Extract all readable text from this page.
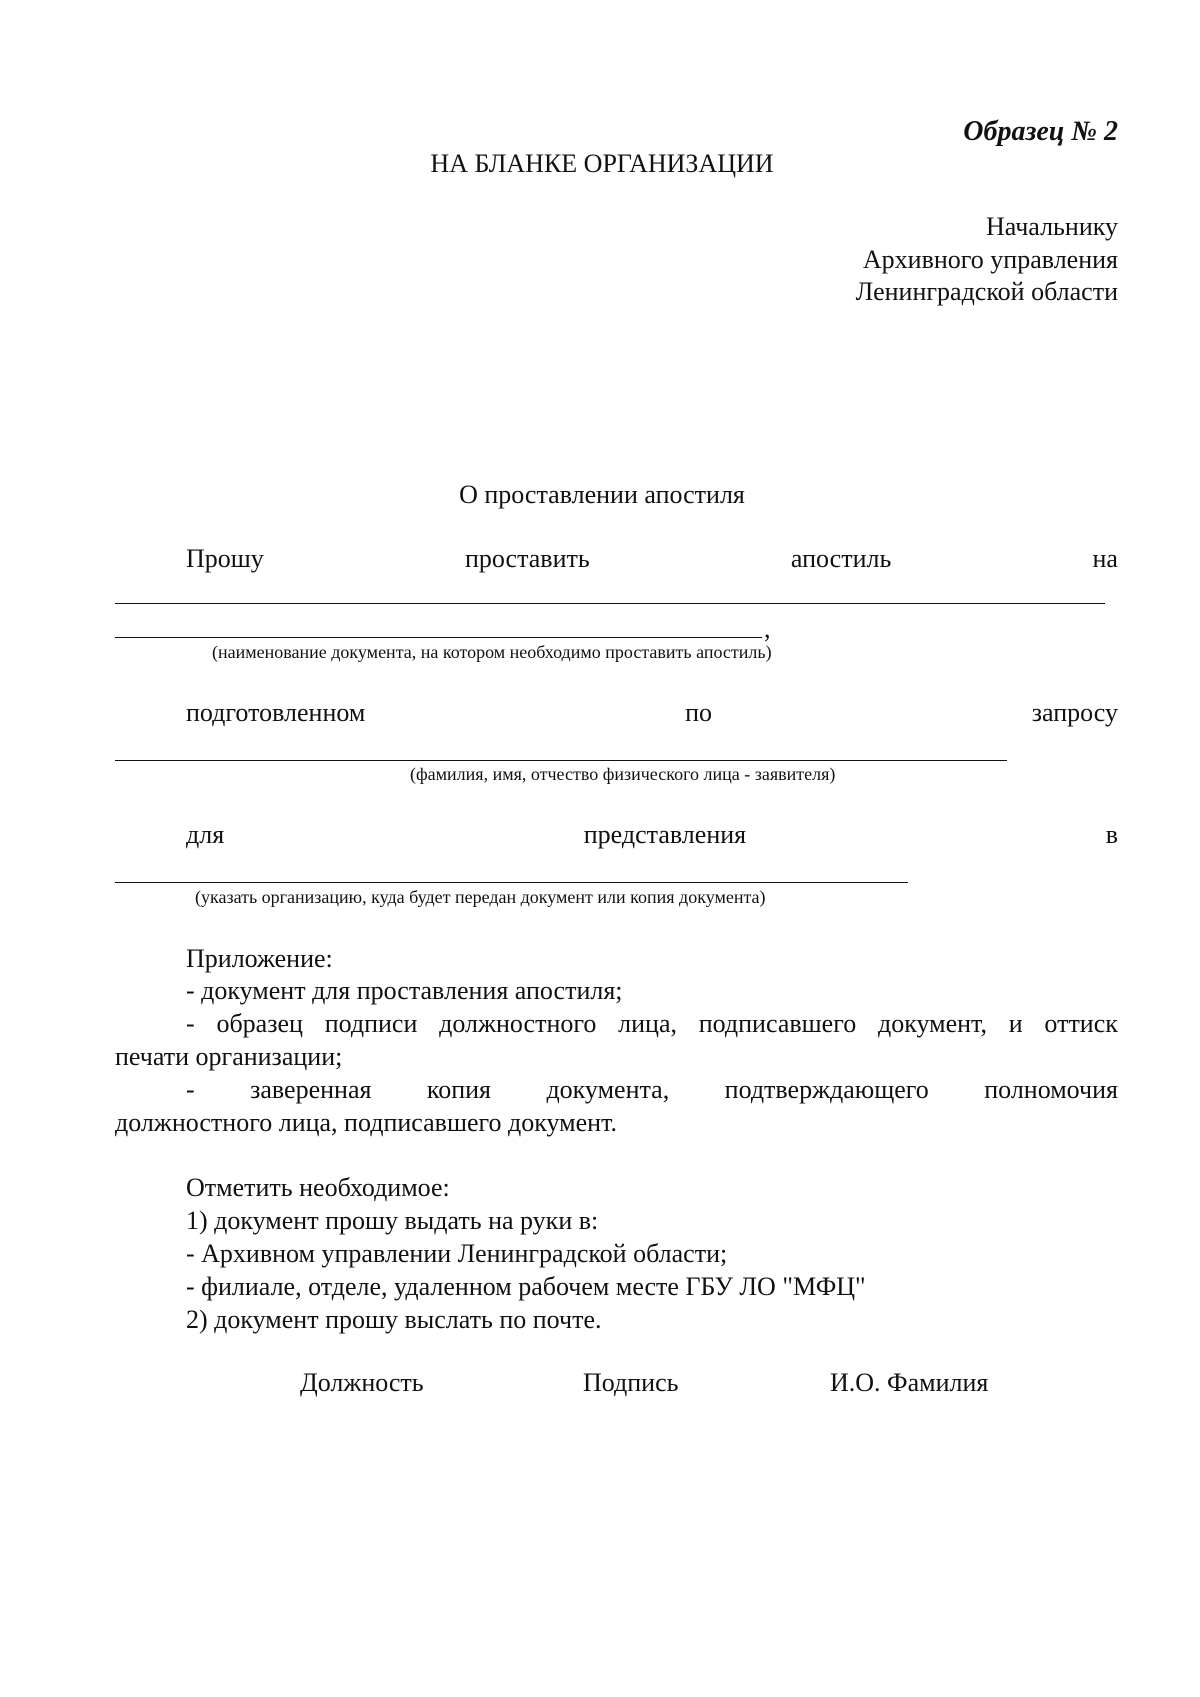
Образец № 2
НА БЛАНКЕ ОРГАНИЗАЦИИ
Начальнику
Архивного управления
Ленинградской области
О проставлении апостиля
Прошу	проставить	апостиль	на
,
(наименование документа, на котором необходимо проставить апостиль)
подготовленном	по	запросу
(фамилия, имя, отчество физического лица - заявителя)
для	представления	в
(указать организацию, куда будет передан документ или копия документа)
Приложение:
- документ для проставления апостиля;
- образец подписи должностного лица, подписавшего документ, и оттиск
печати организации;
- заверенная копия документа, подтверждающего полномочия
должностного лица, подписавшего документ.
Отметить необходимое:
1) документ прошу выдать на руки в:
- Архивном управлении Ленинградской области;
- филиале, отделе, удаленном рабочем месте ГБУ ЛО "МФЦ"
2) документ прошу выслать по почте.
Должность	Подпись	И.О. Фамилия
